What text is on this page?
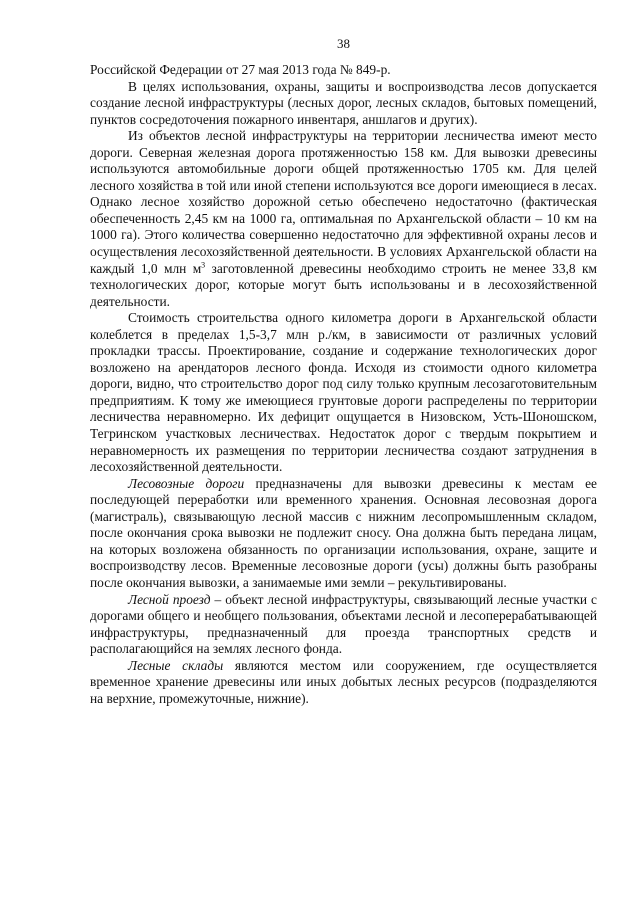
38

Российской Федерации от 27 мая 2013 года № 849-р.

В целях использования, охраны, защиты и воспроизводства лесов допускается создание лесной инфраструктуры (лесных дорог, лесных складов, бытовых помещений, пунктов сосредоточения пожарного инвентаря, аншлагов и других).

Из объектов лесной инфраструктуры на территории лесничества имеют место дороги. Северная железная дорога протяженностью 158 км. Для вывозки древесины используются автомобильные дороги общей протяженностью 1705 км. Для целей лесного хозяйства в той или иной степени используются все дороги имеющиеся в лесах. Однако лесное хозяйство дорожной сетью обеспечено недостаточно (фактическая обеспеченность 2,45 км на 1000 га, оптимальная по Архангельской области – 10 км на 1000 га). Этого количества совершенно недостаточно для эффективной охраны лесов и осуществления лесохозяйственной деятельности. В условиях Архангельской области на каждый 1,0 млн $м^3$ заготовленной древесины необходимо строить не менее 33,8 км технологических дорог, которые могут быть использованы и в лесохозяйственной деятельности.

Стоимость строительства одного километра дороги в Архангельской области колеблется в пределах 1,5-3,7 млн р./км, в зависимости от различных условий прокладки трассы. Проектирование, создание и содержание технологических дорог возложено на арендаторов лесного фонда. Исходя из стоимости одного километра дороги, видно, что строительство дорог под силу только крупным лесозаготовительным предприятиям. К тому же имеющиеся грунтовые дороги распределены по территории лесничества неравномерно. Их дефицит ощущается в Низовском, Усть-Шоношском, Тегринском участковых лесничествах. Недостаток дорог с твердым покрытием и неравномерность их размещения по территории лесничества создают затруднения в лесохозяйственной деятельности.

Лесовозные дороги предназначены для вывозки древесины к местам ее последующей переработки или временного хранения. Основная лесовозная дорога (магистраль), связывающую лесной массив с нижним лесопромышленным складом, после окончания срока вывозки не подлежит сносу. Она должна быть передана лицам, на которых возложена обязанность по организации использования, охране, защите и воспроизводству лесов. Временные лесовозные дороги (усы) должны быть разобраны после окончания вывозки, а занимаемые ими земли – рекультивированы.

Лесной проезд – объект лесной инфраструктуры, связывающий лесные участки с дорогами общего и необщего пользования, объектами лесной и лесоперерабатывающей инфраструктуры, предназначенный для проезда транспортных средств и располагающийся на землях лесного фонда.

Лесные склады являются местом или сооружением, где осуществляется временное хранение древесины или иных добытых лесных ресурсов (подразделяются на верхние, промежуточные, нижние).
